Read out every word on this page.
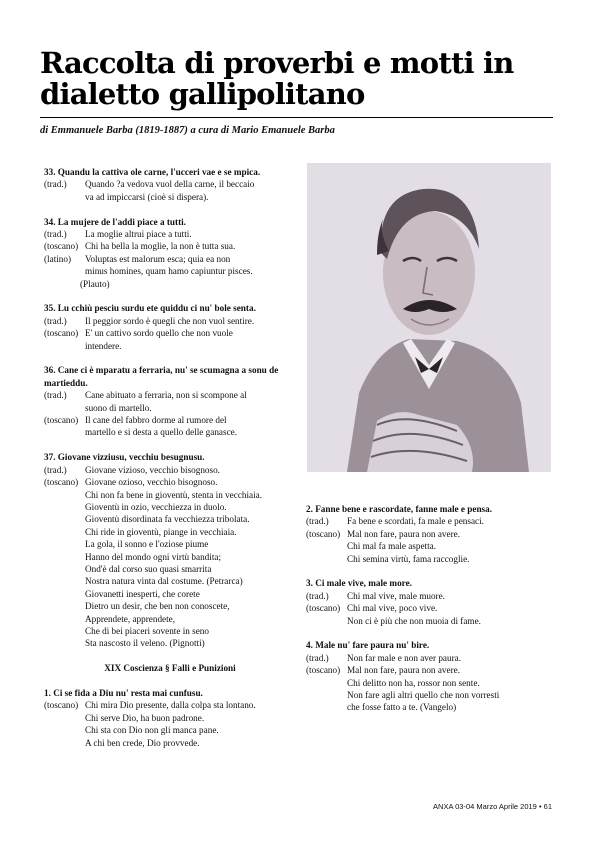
Raccolta di proverbi e motti in dialetto gallipolitano

di Emmanuele Barba (1819-1887) a cura di Mario Emanuele Barba

33. Quandu la cattiva ole carne, l'ucceri vae e se mpica.

(trad.)	Quando ?a vedova vuol della carne, il beccaio
va ad impiccarsi (cioè si dispera).

34. La mujere de l'addi piace a tutti.

(trad.)	La moglie altrui piace a tutti.
(toscano) Chi ha bella la moglie, la non è tutta sua.
(latino)	Voluptas est malorum esca; quia ea non
minus homines, quam hamo capiuntur pisces.
(Plauto)

35. Lu cchiù pesciu surdu ete quiddu ci nu' bole senta.

(trad.)	Il peggior sordo è quegli che non vuol sentire.
(toscano) E' un cattivo sordo quello che non vuole
intendere.

36. Cane ci è mparatu a ferraria, nu' se scumagna a sonu de martieddu.

(trad.)	Cane abituato a ferraria, non si scompone al
suono di martello.
(toscano) Il cane del fabbro dorme al rumore del
martello e si desta a quello delle ganasce.

37. Giovane vizziusu, vecchiu besugnusu.

(trad.)	Giovane vizioso, vecchio bisognoso.
(toscano) Giovane ozioso, vecchio bisognoso.
Chi non fa bene in gioventù, stenta in vecchiaia.
Gioventù in ozio, vecchiezza in duolo.
Gioventù disordinata fa vecchiezza tribolata.
Chi ride in gioventù, piange in vecchiaia.
La gola, il sonno e l'oziose piume
Hanno del mondo ogni virtù bandita;
Ond'è dal corso suo quasi smarrita
Nostra natura vinta dal costume. (Petrarca)
Giovanetti inesperti, che corete
Dietro un desir, che ben non conoscete,
Apprendete, apprendete,
Che di bei piaceri sovente in seno
Sta nascosto il veleno. (Pignotti)

XIX Coscienza § Falli e Punizioni

1. Ci se fida a Diu nu' resta mai cunfusu.

(toscano) Chi mira Dio presente, dalla colpa sta lontano.
Chi serve Dio, ha buon padrone.
Chi sta con Dio non gli manca pane.
A chi ben crede, Dio provvede.

2. Fanne bene e rascordate, fanne male e pensa.

(trad.)	Fa bene e scordati, fa male e pensaci.
(toscano) Mal non fare, paura non avere.
Chi mal fa male aspetta.
Chi semina virtù, fama raccoglie.

3. Ci male vive, male more.

(trad.)	Chi mal vive, male muore.
(toscano) Chi mal vive, poco vive.
Non ci è più che non muoia di fame.

4. Male nu' fare paura nu' bire.

(trad.)	Non far male e non aver paura.
(toscano) Mal non fare, paura non avere.
Chi delitto non ha, rossor non sente.
Non fare agli altri quello che non vorresti
che fosse fatto a te. (Vangelo)
ANXA 03-04 Marzo Aprile 2019 • 61
